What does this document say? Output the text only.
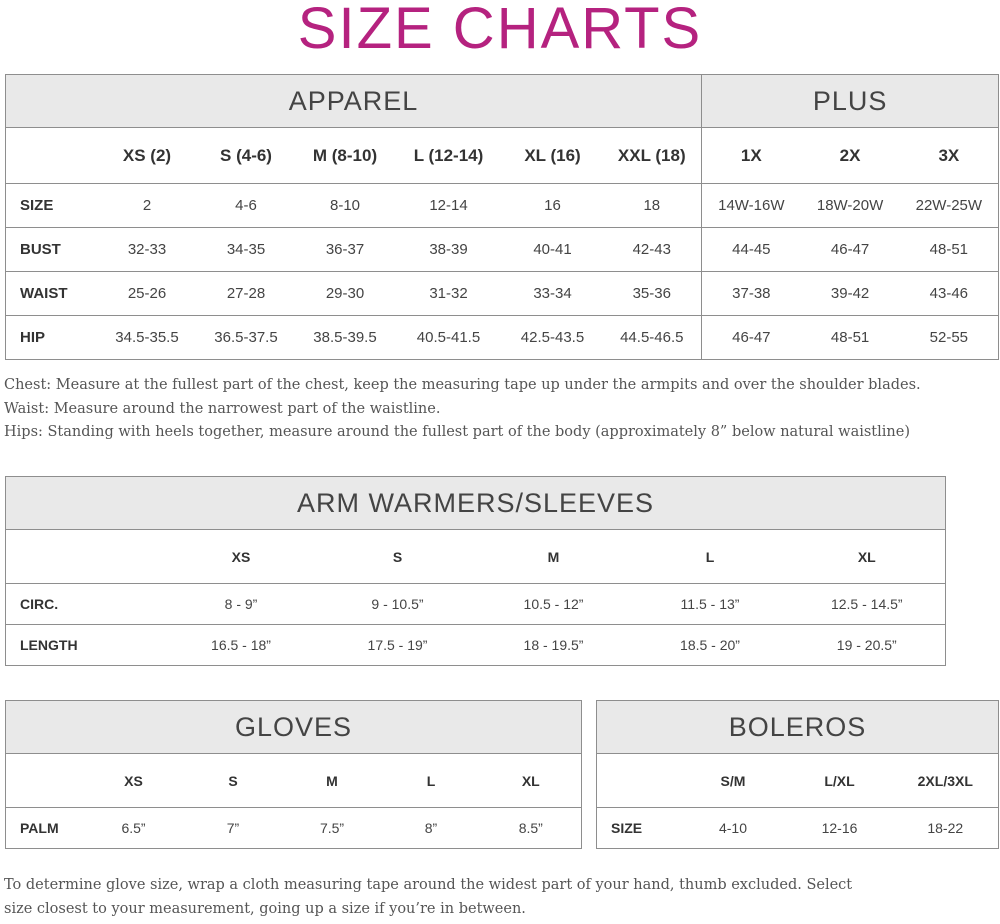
SIZE CHARTS
APPAREL							PLUS		
	XS (2)	S (4-6)	M (8-10)	L (12-14)	XL (16)	XXL (18)	1X	2X	3X
SIZE	2	4-6	8-10	12-14	16	18	14W-16W	18W-20W	22W-25W
BUST	32-33	34-35	36-37	38-39	40-41	42-43	44-45	46-47	48-51
WAIST	25-26	27-28	29-30	31-32	33-34	35-36	37-38	39-42	43-46
HIP	34.5-35.5	36.5-37.5	38.5-39.5	40.5-41.5	42.5-43.5	44.5-46.5	46-47	48-51	52-55
Chest: Measure at the fullest part of the chest, keep the measuring tape up under the armpits and over the shoulder blades.
Waist: Measure around the narrowest part of the waistline.
Hips: Standing with heels together, measure around the fullest part of the body (approximately 8” below natural waistline)
ARM WARMERS/SLEEVES					
	XS	S	M	L	XL
CIRC.	8 - 9”	9 - 10.5”	10.5 - 12”	11.5 - 13”	12.5 - 14.5”
LENGTH	16.5 - 18”	17.5 - 19”	18 - 19.5”	18.5 - 20”	19 - 20.5”
GLOVES					
	XS	S	M	L	XL
PALM	6.5”	7”	7.5”	8”	8.5”
BOLEROS			
	S/M	L/XL	2XL/3XL
SIZE	4-10	12-16	18-22
To determine glove size, wrap a cloth measuring tape around the widest part of your hand, thumb excluded. Select
size closest to your measurement, going up a size if you’re in between.
